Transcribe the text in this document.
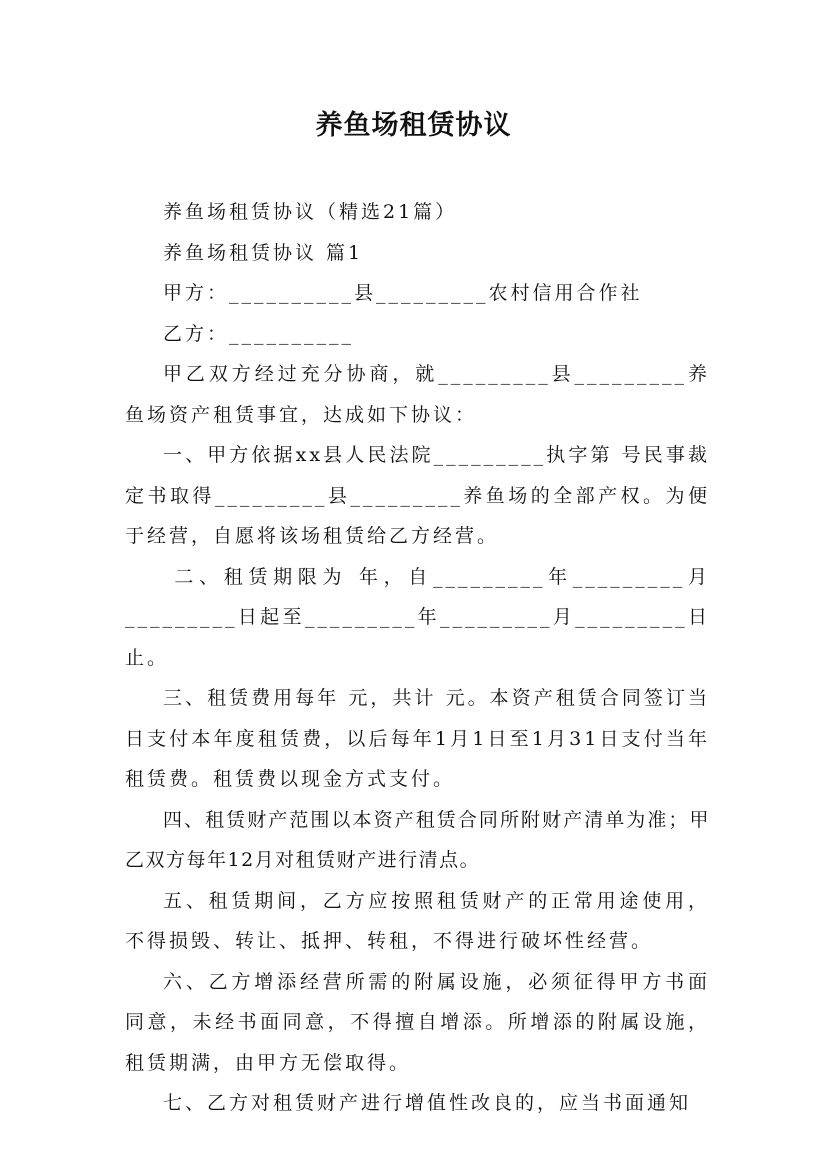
养鱼场租赁协议

养鱼场租赁协议（精选21篇）

养鱼场租赁协议 篇1

甲方：__________县_________农村信用合作社

乙方：__________

甲乙双方经过充分协商，就_________县_________养鱼场资产租赁事宜，达成如下协议：

一、甲方依据xx县人民法院_________执字第 号民事裁定书取得_________县_________养鱼场的全部产权。为便于经营，自愿将该场租赁给乙方经营。

二、租赁期限为 年，自_________年_________月_________日起至_________年_________月_________日止。

三、租赁费用每年 元，共计 元。本资产租赁合同签订当日支付本年度租赁费，以后每年1月1日至1月31日支付当年租赁费。租赁费以现金方式支付。

四、租赁财产范围以本资产租赁合同所附财产清单为准；甲乙双方每年12月对租赁财产进行清点。

五、租赁期间，乙方应按照租赁财产的正常用途使用，不得损毁、转让、抵押、转租，不得进行破坏性经营。

六、乙方增添经营所需的附属设施，必须征得甲方书面同意，未经书面同意，不得擅自增添。所增添的附属设施，租赁期满，由甲方无偿取得。

七、乙方对租赁财产进行增值性改良的，应当书面通知
